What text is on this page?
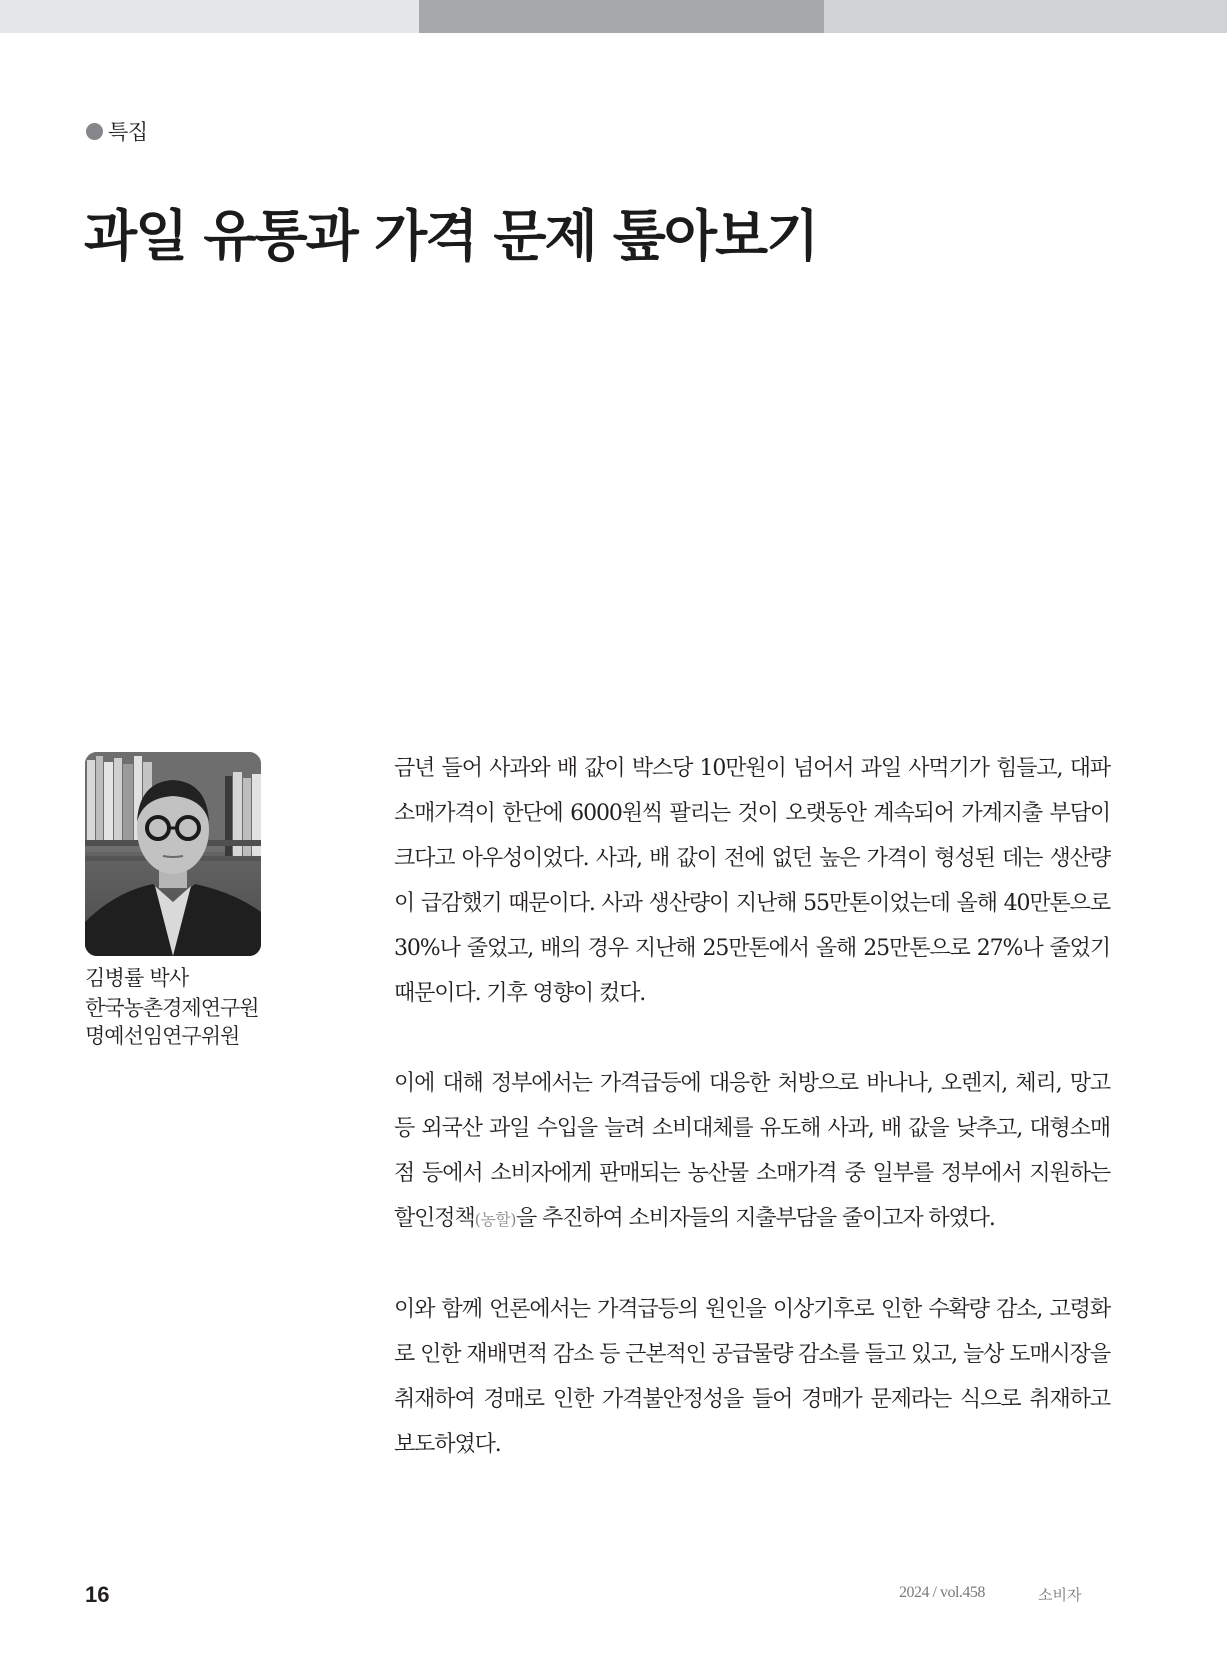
특집
과일 유통과 가격 문제 톺아보기
김병률 박사
한국농촌경제연구원
명예선임연구위원

금년 들어 사과와 배 값이 박스당 10만원이 넘어서 과일 사먹기가 힘들고, 대파 소매가격이 한단에 6000원씩 팔리는 것이 오랫동안 계속되어 가계지출 부담이 크다고 아우성이었다. 사과, 배 값이 전에 없던 높은 가격이 형성된 데는 생산량이 급감했기 때문이다. 사과 생산량이 지난해 55만톤이었는데 올해 40만톤으로 30%나 줄었고, 배의 경우 지난해 25만톤에서 올해 25만톤으로 27%나 줄었기 때문이다. 기후 영향이 컸다.

이에 대해 정부에서는 가격급등에 대응한 처방으로 바나나, 오렌지, 체리, 망고 등 외국산 과일 수입을 늘려 소비대체를 유도해 사과, 배 값을 낮추고, 대형소매점 등에서 소비자에게 판매되는 농산물 소매가격 중 일부를 정부에서 지원하는 할인정책(농할)을 추진하여 소비자들의 지출부담을 줄이고자 하였다.

이와 함께 언론에서는 가격급등의 원인을 이상기후로 인한 수확량 감소, 고령화로 인한 재배면적 감소 등 근본적인 공급물량 감소를 들고 있고, 늘상 도매시장을 취재하여 경매로 인한 가격불안정성을 들어 경매가 문제라는 식으로 취재하고 보도하였다.

16	2024 / vol.458	소비자
